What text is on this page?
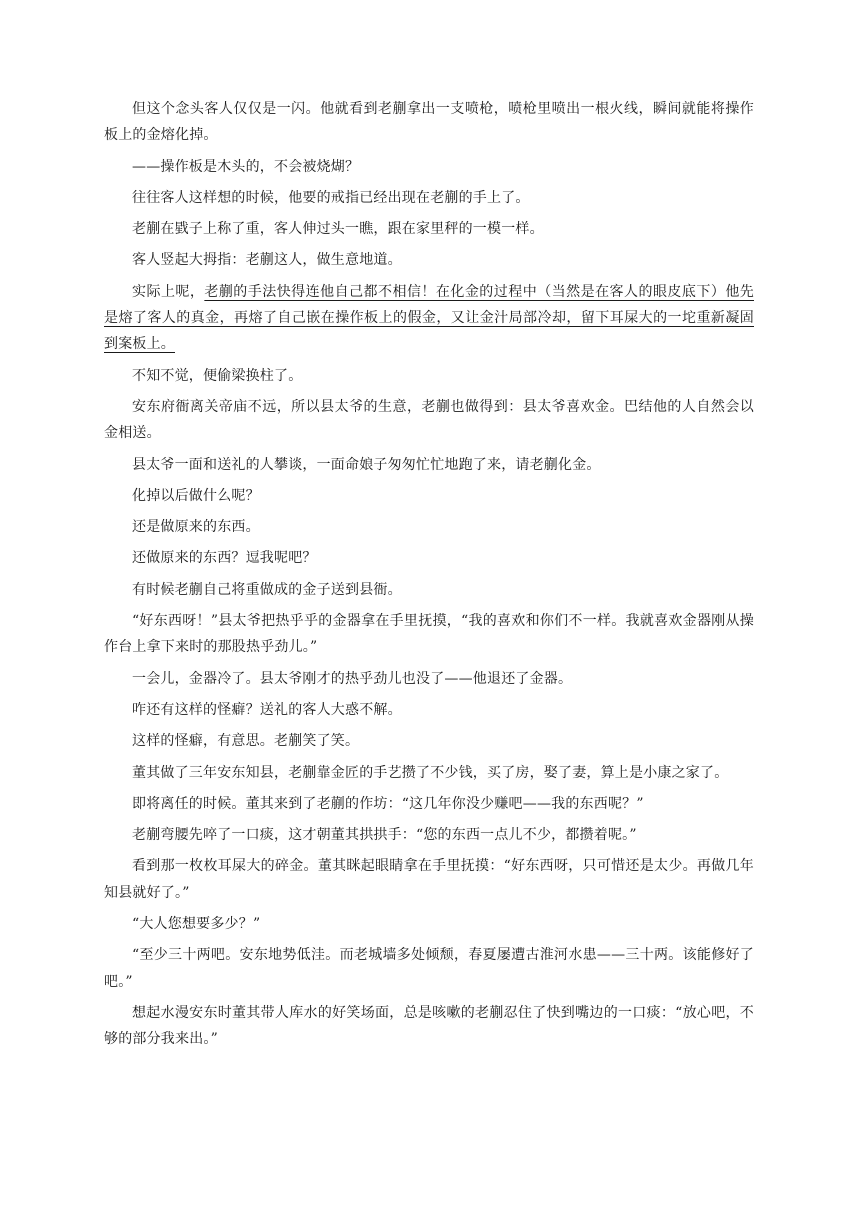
但这个念头客人仅仅是一闪。他就看到老蒯拿出一支喷枪，喷枪里喷出一根火线，瞬间就能将操作板上的金熔化掉。

——操作板是木头的，不会被烧煳？

往往客人这样想的时候，他要的戒指已经出现在老蒯的手上了。

老蒯在戥子上称了重，客人伸过头一瞧，跟在家里秤的一模一样。

客人竖起大拇指：老蒯这人，做生意地道。

实际上呢，老蒯的手法快得连他自己都不相信！在化金的过程中（当然是在客人的眼皮底下）他先是熔了客人的真金，再熔了自己嵌在操作板上的假金，又让金汁局部冷却，留下耳屎大的一坨重新凝固到案板上。

不知不觉，便偷梁换柱了。

安东府衙离关帝庙不远，所以县太爷的生意，老蒯也做得到：县太爷喜欢金。巴结他的人自然会以金相送。

县太爷一面和送礼的人攀谈，一面命娘子匆匆忙忙地跑了来，请老蒯化金。

化掉以后做什么呢？

还是做原来的东西。

还做原来的东西？逗我呢吧？

有时候老蒯自己将重做成的金子送到县衙。

“好东西呀！”县太爷把热乎乎的金器拿在手里抚摸，“我的喜欢和你们不一样。我就喜欢金器刚从操作台上拿下来时的那股热乎劲儿。”

一会儿，金器冷了。县太爷刚才的热乎劲儿也没了——他退还了金器。

咋还有这样的怪癖？送礼的客人大惑不解。

这样的怪癖，有意思。老蒯笑了笑。

董其做了三年安东知县，老蒯靠金匠的手艺攒了不少钱，买了房，娶了妻，算上是小康之家了。

即将离任的时候。董其来到了老蒯的作坊：“这几年你没少赚吧——我的东西呢？”

老蒯弯腰先啐了一口痰，这才朝董其拱拱手：“您的东西一点儿不少，都攒着呢。”

看到那一枚枚耳屎大的碎金。董其眯起眼睛拿在手里抚摸：“好东西呀，只可惜还是太少。再做几年知县就好了。”

“大人您想要多少？”

“至少三十两吧。安东地势低洼。而老城墙多处倾颓，春夏屡遭古淮河水患——三十两。该能修好了吧。”

想起水漫安东时董其带人库水的好笑场面，总是咳嗽的老蒯忍住了快到嘴边的一口痰：“放心吧，不够的部分我来出。”
